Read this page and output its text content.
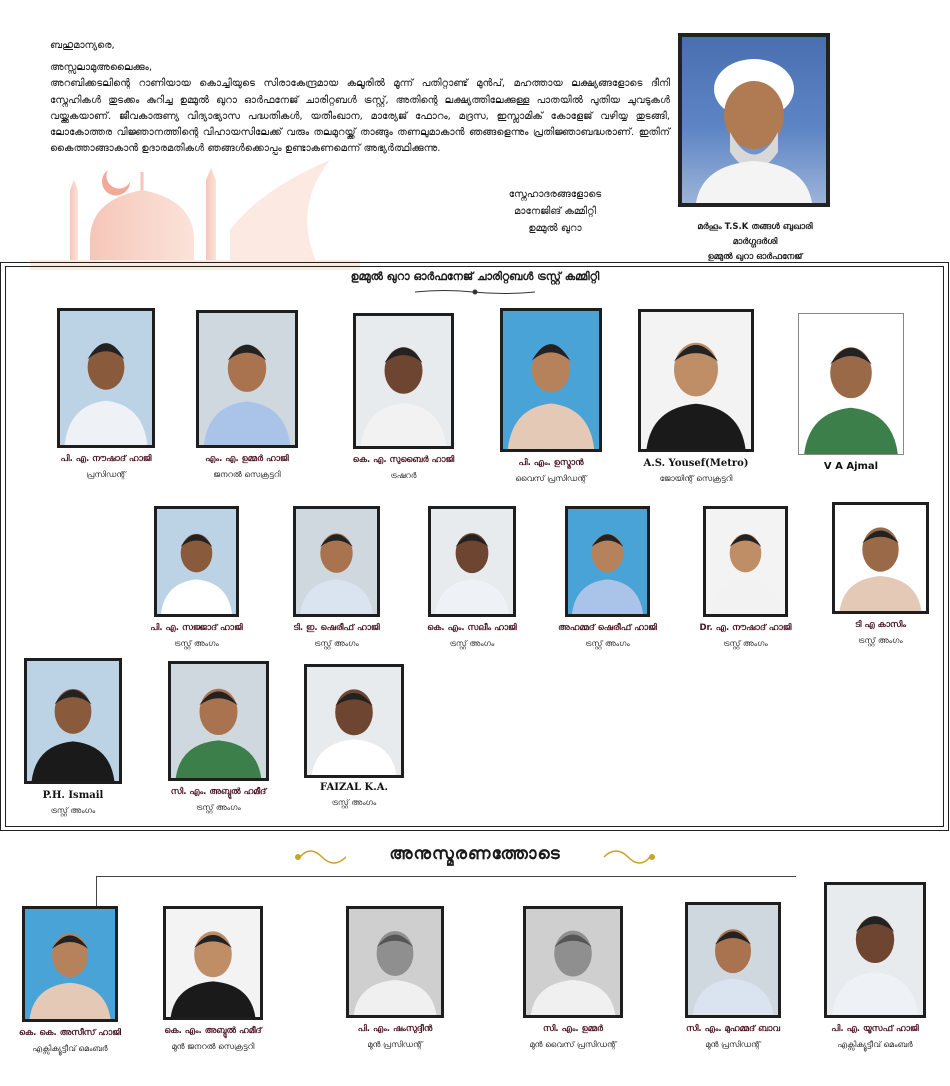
ബഹുമാന്യരെ,

അസ്സലാമുഅലൈക്കും,

അറബിക്കടലിന്റെ റാണിയായ കൊച്ചിയുടെ സിരാകേന്ദ്രമായ കലൂരിൽ മൂന്ന് പതിറ്റാണ്ട് മുൻപ്, മഹത്തായ ലക്ഷ്യങ്ങളോടെ ദീനി സ്നേഹികൾ തുടക്കം കുറിച്ച ഉമ്മുൽ ഖുറാ ഓർഫനേജ് ചാരിറ്റബൾ ട്രസ്റ്റ്, അതിന്റെ ലക്ഷ്യത്തിലേക്കുള്ള പാതയിൽ പുതിയ ചുവടുകൾ വയ്ക്കുകയാണ്. ജീവകാരുണ്യ വിദ്യാഭ്യാസ പദ്ധതികൾ, യതീംഖാന, മാര്യേജ് ഫോറം, മദ്രസ, ഇസ്ലാമിക് കോളേജ് വഴിയ്യ തുടങ്ങി, ലോകോത്തര വിജ്ഞാനത്തിന്റെ വിഹായസിലേക്ക് വരും തലമുറയ്ക്ക് താങ്ങും തണലുമാകാൻ ഞങ്ങളെന്നും പ്രതിജ്ഞാബദ്ധരാണ്. ഇതിന് കൈത്താങ്ങാകാൻ ഉദാരമതികൾ ഞങ്ങൾക്കൊപ്പം ഉണ്ടാകണമെന്ന് അഭ്യർത്ഥിക്കുന്നു.

സ്നേഹാദരങ്ങളോടെ
മാനേജിങ് കമ്മിറ്റി
ഉമ്മുൽ ഖുറാ	മർഹൂം T.S.K തങ്ങൾ ബുഖാരി
മാർഗ്ഗദർശി
ഉമ്മുൽ ഖുറാ ഓർഫനേജ്
ഉമ്മുൽ ഖുറാ ഓർഫനേജ് ചാരിറ്റബൾ ട്രസ്റ്റ് കമ്മിറ്റി
പി. എ. നൗഷാദ് ഹാജി
പ്രസിഡന്റ്
എം. എ. ഉമ്മർ ഹാജി
ജനറൽ സെക്രട്ടറി
കെ. എ. സുബൈർ ഹാജി
ട്രഷറർ
പി. എം. ഉസ്മാൻ
വൈസ് പ്രസിഡന്റ്
A.S. Yousef(Metro)
ജോയിന്റ് സെക്രട്ടറി
V A Ajmal
പി. എ. സജ്ജാദ് ഹാജി
ട്രസ്റ്റ് അംഗം
ടി. ഇ. ഷെരീഫ് ഹാജി
ട്രസ്റ്റ് അംഗം
കെ. എം. സലീം ഹാജി
ട്രസ്റ്റ് അംഗം
അഹമ്മദ് ഷെരീഫ് ഹാജി
ട്രസ്റ്റ് അംഗം
Dr. എ. നൗഷാദ് ഹാജി
ട്രസ്റ്റ് അംഗം
ടി എ കാസിം
ട്രസ്റ്റ് അംഗം
P.H. Ismail
ട്രസ്റ്റ് അംഗം
സി. എം. അബ്ദുൽ ഹമീദ്
ട്രസ്റ്റ് അംഗം
FAIZAL K.A.
ട്രസ്റ്റ് അംഗം
അനുസ്മരണത്തോടെ
കെ. കെ. അസീസ് ഹാജി
എക്സിക്യൂട്ടീവ് മെംബർ
കെ. എം. അബ്ദുൽ ഹമീദ്
മുൻ ജനറൽ സെക്രട്ടറി
പി. എം. ഷംസുദ്ദീൻ
മുൻ പ്രസിഡന്റ്
സി. എം. ഉമ്മർ
മുൻ വൈസ് പ്രസിഡന്റ്
സി. എം. മുഹമ്മദ് ബാവ
മുൻ പ്രസിഡന്റ്
പി. എ. യൂസഫ് ഹാജി
എക്സിക്യൂട്ടീവ് മെംബർ
